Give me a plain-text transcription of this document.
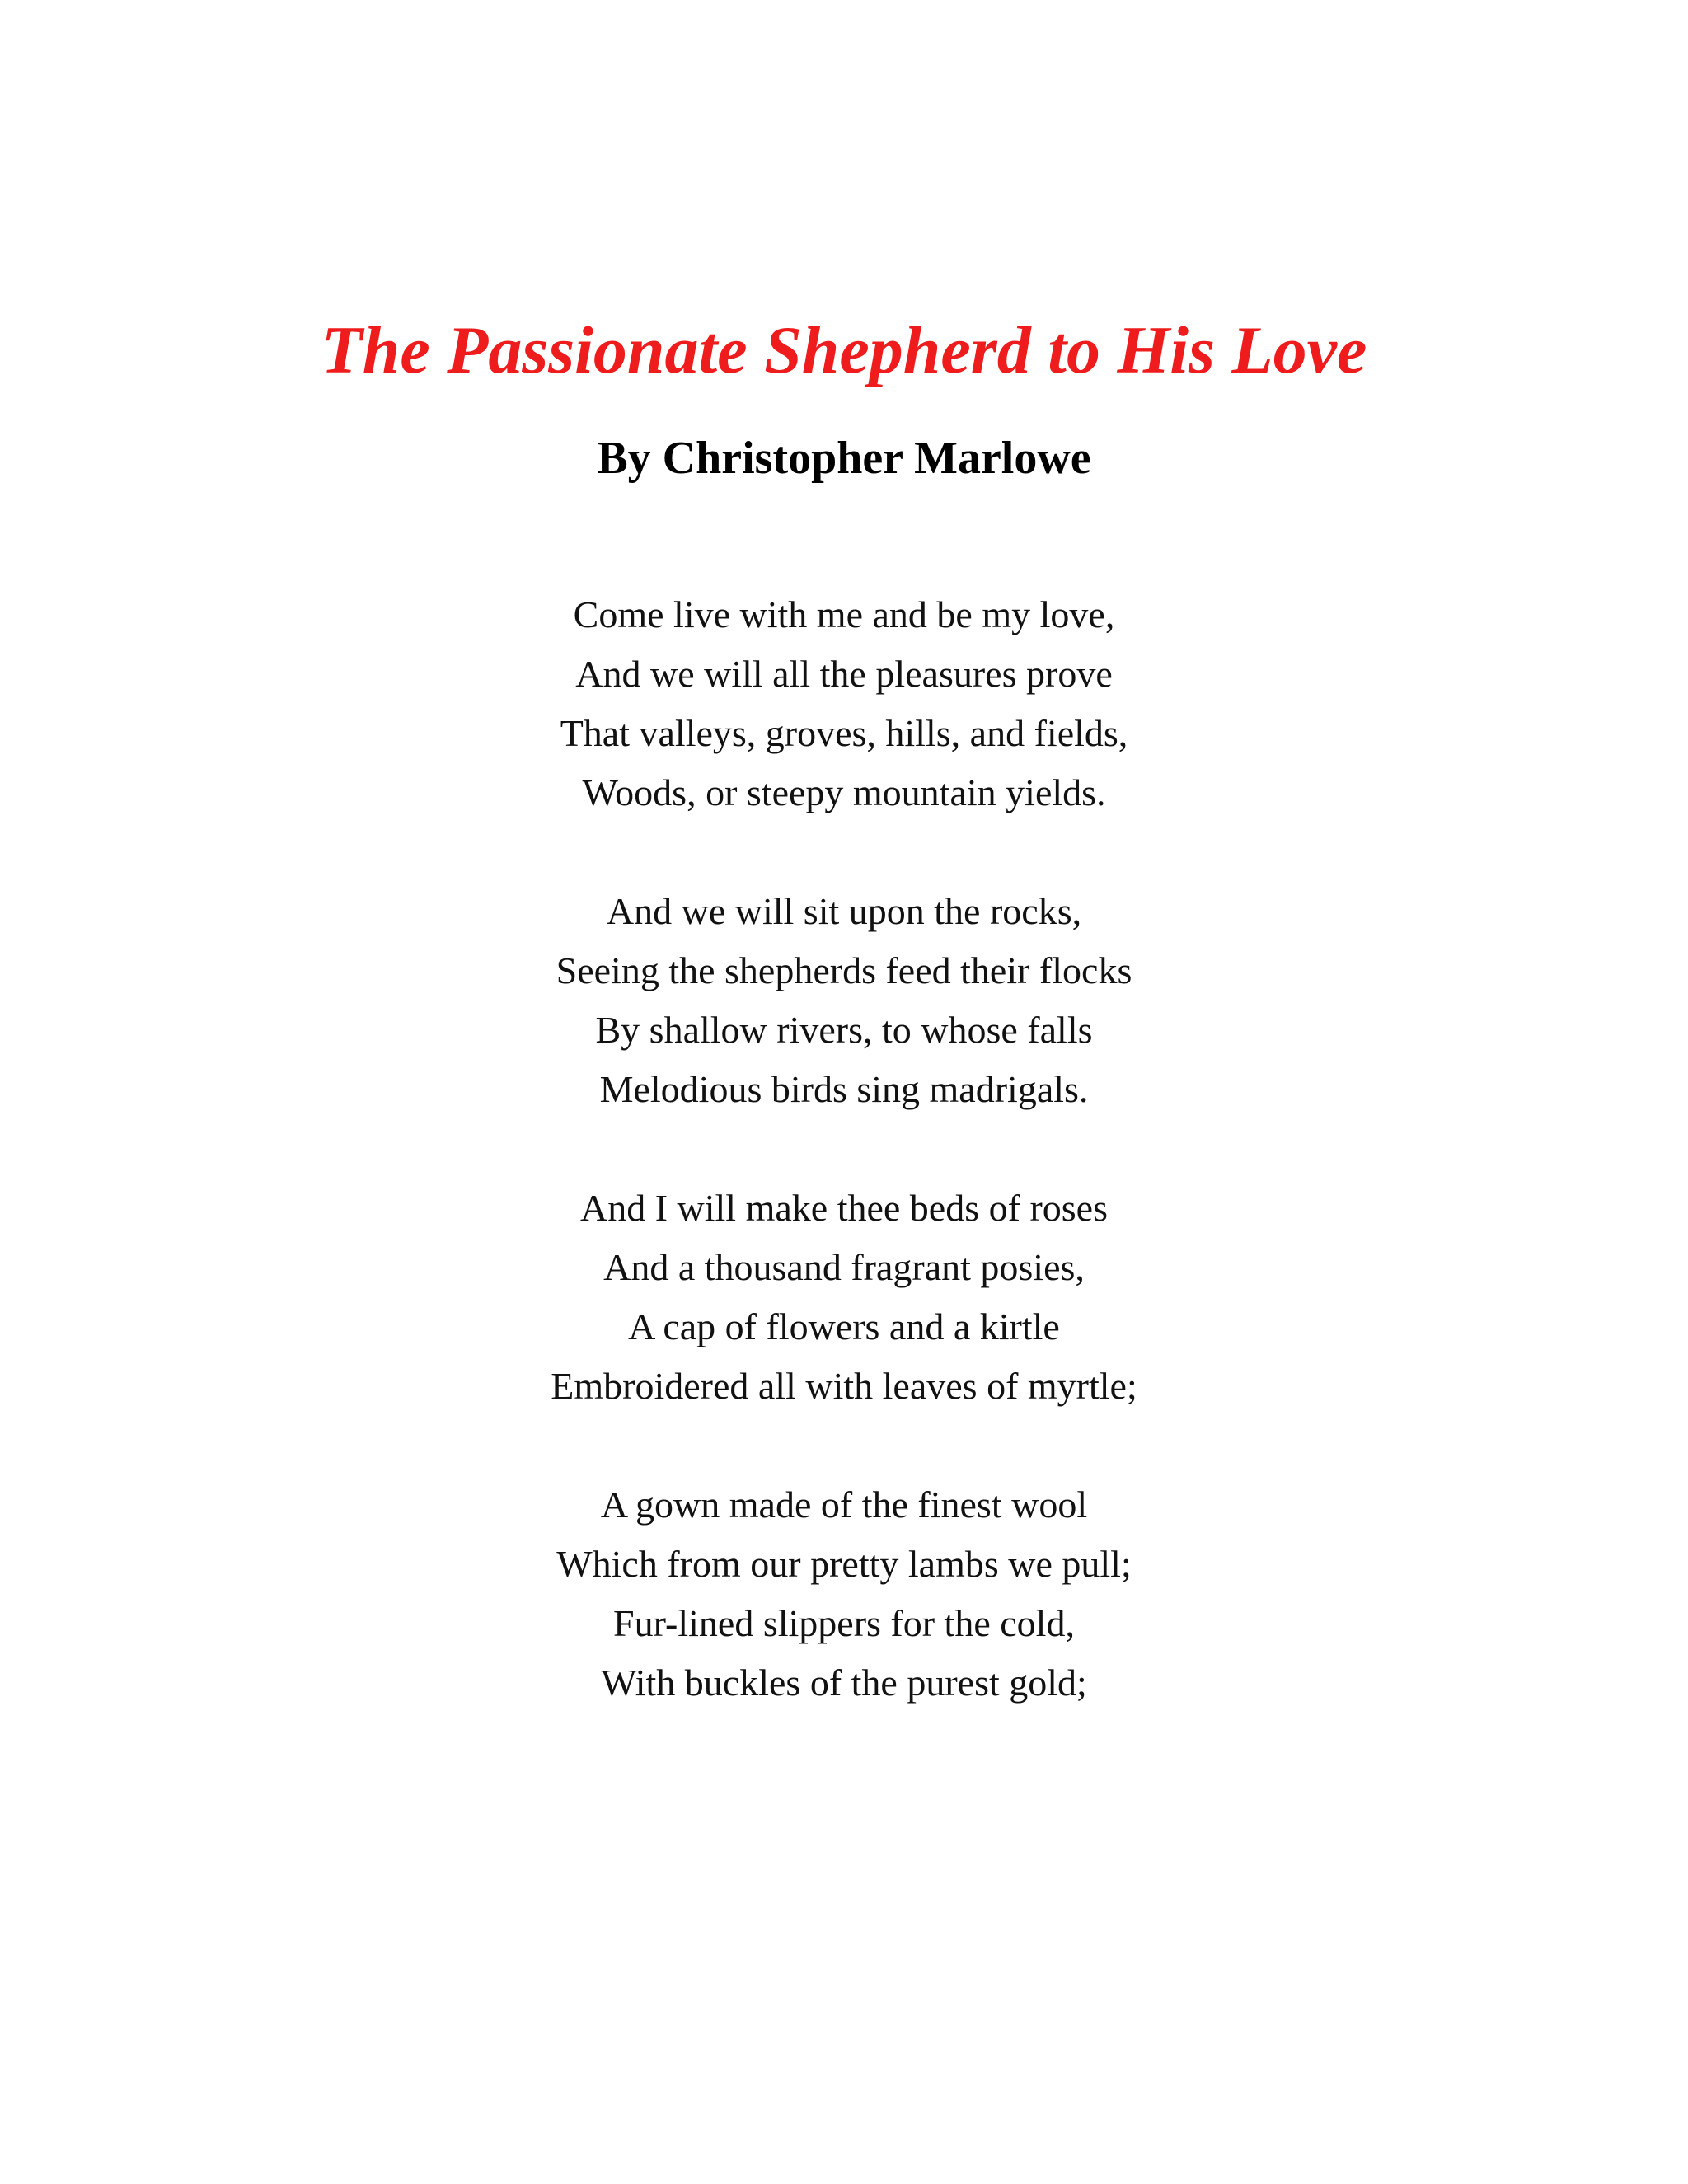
The Passionate Shepherd to His Love
By Christopher Marlowe
Come live with me and be my love,
And we will all the pleasures prove
That valleys, groves, hills, and fields,
Woods, or steepy mountain yields.
And we will sit upon the rocks,
Seeing the shepherds feed their flocks
By shallow rivers, to whose falls
Melodious birds sing madrigals.
And I will make thee beds of roses
And a thousand fragrant posies,
A cap of flowers and a kirtle
Embroidered all with leaves of myrtle;
A gown made of the finest wool
Which from our pretty lambs we pull;
Fur-lined slippers for the cold,
With buckles of the purest gold;
